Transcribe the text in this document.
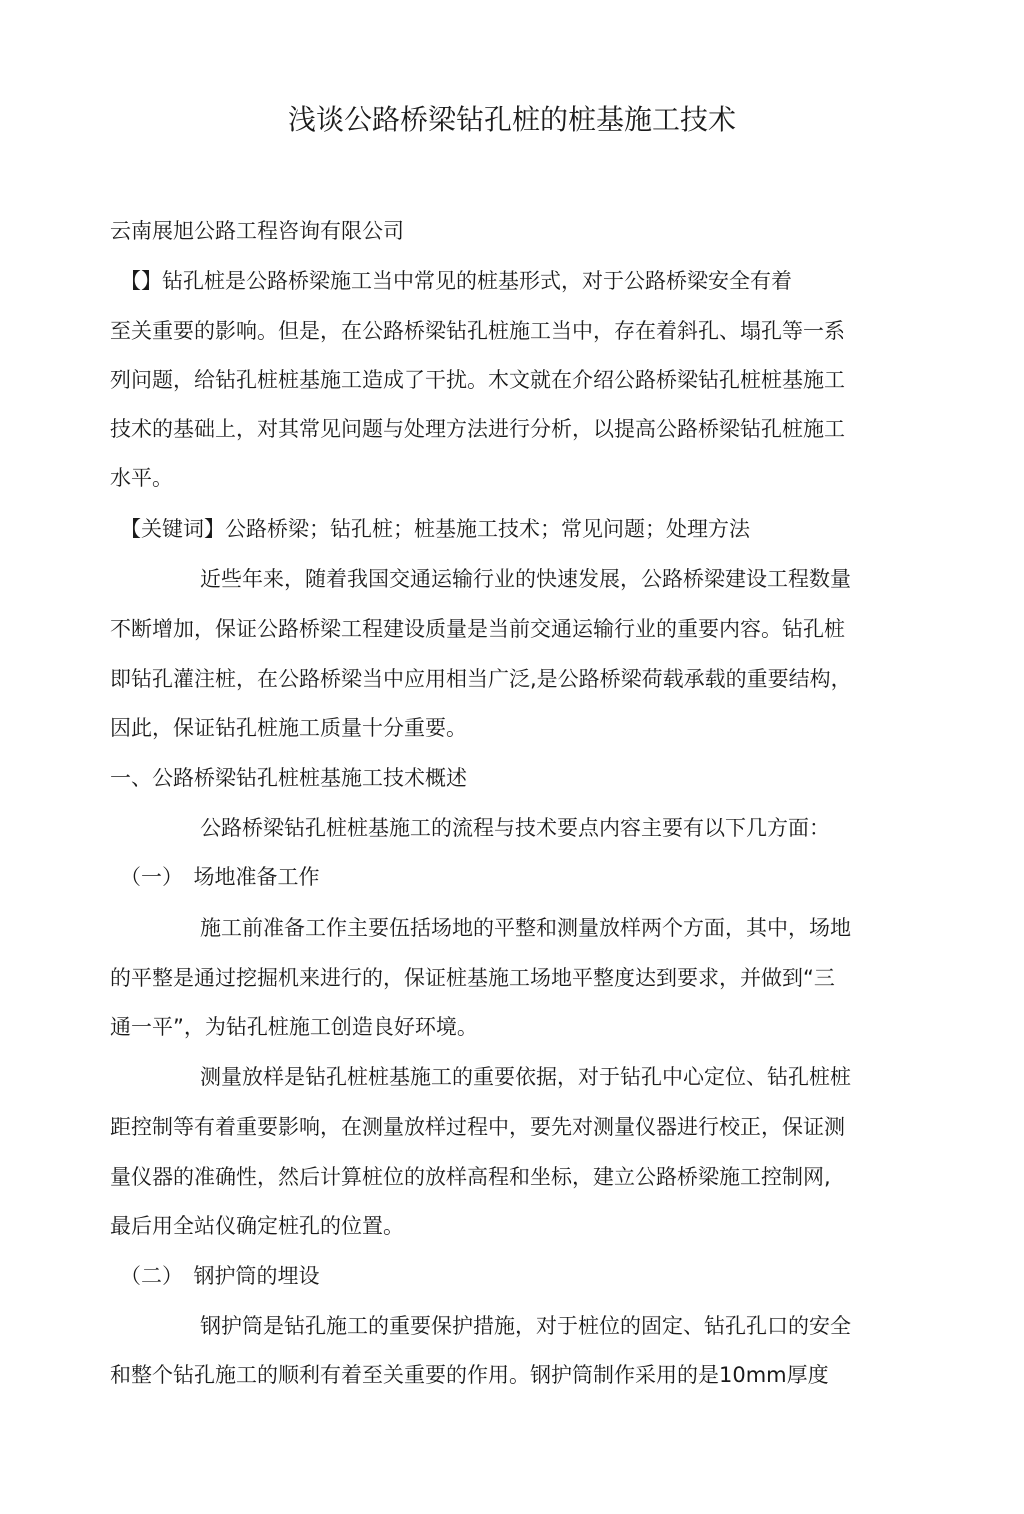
浅谈公路桥梁钻孔桩的桩基施工技术
云南展旭公路工程咨询有限公司
【】钻孔桩是公路桥梁施工当中常见的桩基形式，对于公路桥梁安全有着
至关重要的影响。但是，在公路桥梁钻孔桩施工当中，存在着斜孔、塌孔等一系
列问题，给钻孔桩桩基施工造成了干扰。木文就在介绍公路桥梁钻孔桩桩基施工
技术的基础上，对其常见问题与处理方法进行分析，以提高公路桥梁钻孔桩施工
水平。
【关键词】公路桥梁；钻孔桩；桩基施工技术；常见问题；处理方法
近些年来，随着我国交通运输行业的快速发展，公路桥梁建设工程数量
不断增加，保证公路桥梁工程建设质量是当前交通运输行业的重要内容。钻孔桩
即钻孔灌注桩，在公路桥梁当中应用相当广泛,是公路桥梁荷载承载的重要结构，
因此，保证钻孔桩施工质量十分重要。
一、公路桥梁钻孔桩桩基施工技术概述
公路桥梁钻孔桩桩基施工的流程与技术要点内容主要有以下几方面：
（一）　场地准备工作
施工前准备工作主要伍括场地的平整和测量放样两个方面，其中，场地
的平整是通过挖掘机来进行的，保证桩基施工场地平整度达到要求，并做到“三
通一平”，为钻孔桩施工创造良好环境。
测量放样是钻孔桩桩基施工的重要依据，对于钻孔中心定位、钻孔桩桩
距控制等有着重要影响，在测量放样过程中，要先对测量仪器进行校正，保证测
量仪器的准确性，然后计算桩位的放样高程和坐标，建立公路桥梁施工控制网,
最后用全站仪确定桩孔的位置。
（二）　钢护筒的埋设
钢护筒是钻孔施工的重要保护措施，对于桩位的固定、钻孔孔口的安全
和整个钻孔施工的顺利有着至关重要的作用。钢护筒制作采用的是10mm厚度
